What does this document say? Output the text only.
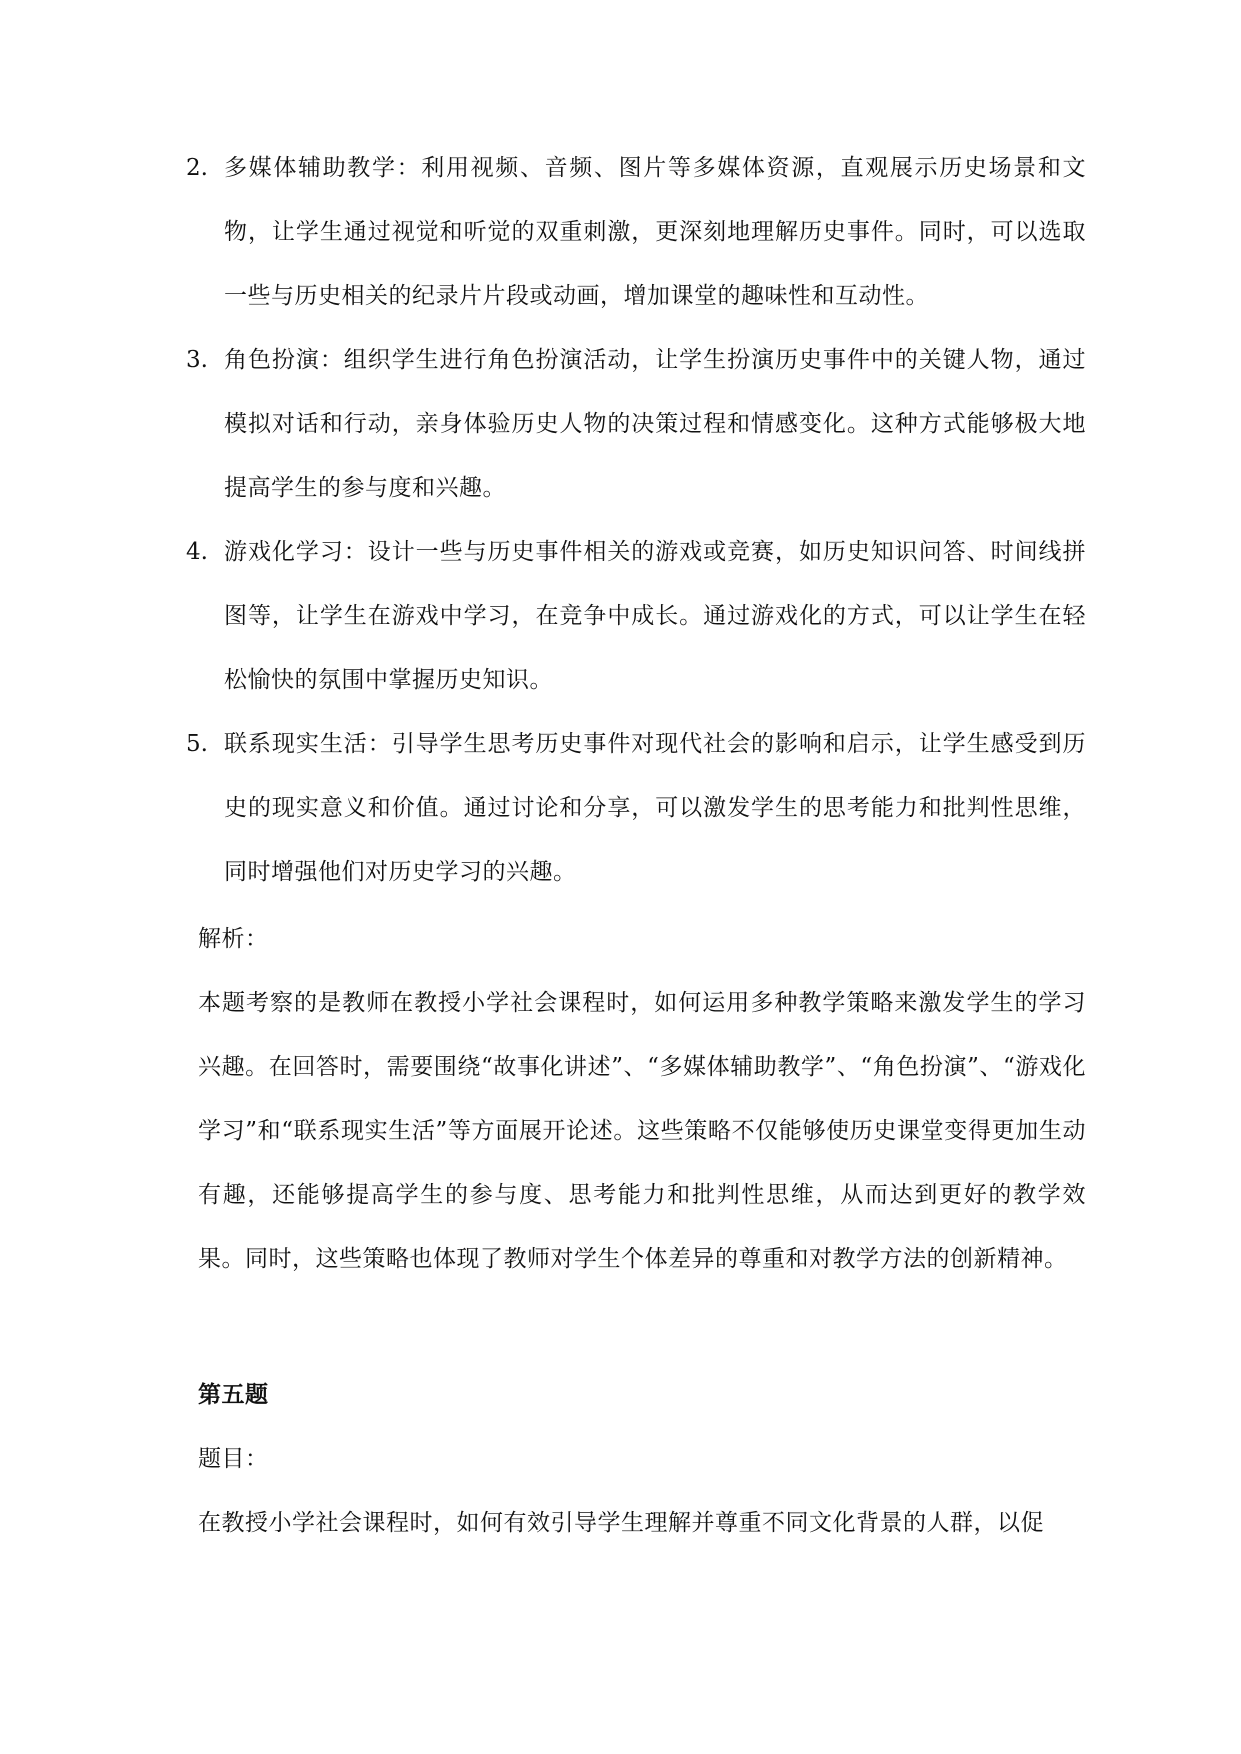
2. 多媒体辅助教学：利用视频、音频、图片等多媒体资源，直观展示历史场景和文物，让学生通过视觉和听觉的双重刺激，更深刻地理解历史事件。同时，可以选取一些与历史相关的纪录片片段或动画，增加课堂的趣味性和互动性。
3. 角色扮演：组织学生进行角色扮演活动，让学生扮演历史事件中的关键人物，通过模拟对话和行动，亲身体验历史人物的决策过程和情感变化。这种方式能够极大地提高学生的参与度和兴趣。
4. 游戏化学习：设计一些与历史事件相关的游戏或竞赛，如历史知识问答、时间线拼图等，让学生在游戏中学习，在竞争中成长。通过游戏化的方式，可以让学生在轻松愉快的氛围中掌握历史知识。
5. 联系现实生活：引导学生思考历史事件对现代社会的影响和启示，让学生感受到历史的现实意义和价值。通过讨论和分享，可以激发学生的思考能力和批判性思维，同时增强他们对历史学习的兴趣。
解析：
本题考察的是教师在教授小学社会课程时，如何运用多种教学策略来激发学生的学习兴趣。在回答时，需要围绕“故事化讲述”、“多媒体辅助教学”、“角色扮演”、“游戏化学习”和“联系现实生活”等方面展开论述。这些策略不仅能够使历史课堂变得更加生动有趣，还能够提高学生的参与度、思考能力和批判性思维，从而达到更好的教学效果。同时，这些策略也体现了教师对学生个体差异的尊重和对教学方法的创新精神。
第五题
题目：
在教授小学社会课程时，如何有效引导学生理解并尊重不同文化背景的人群，以促
